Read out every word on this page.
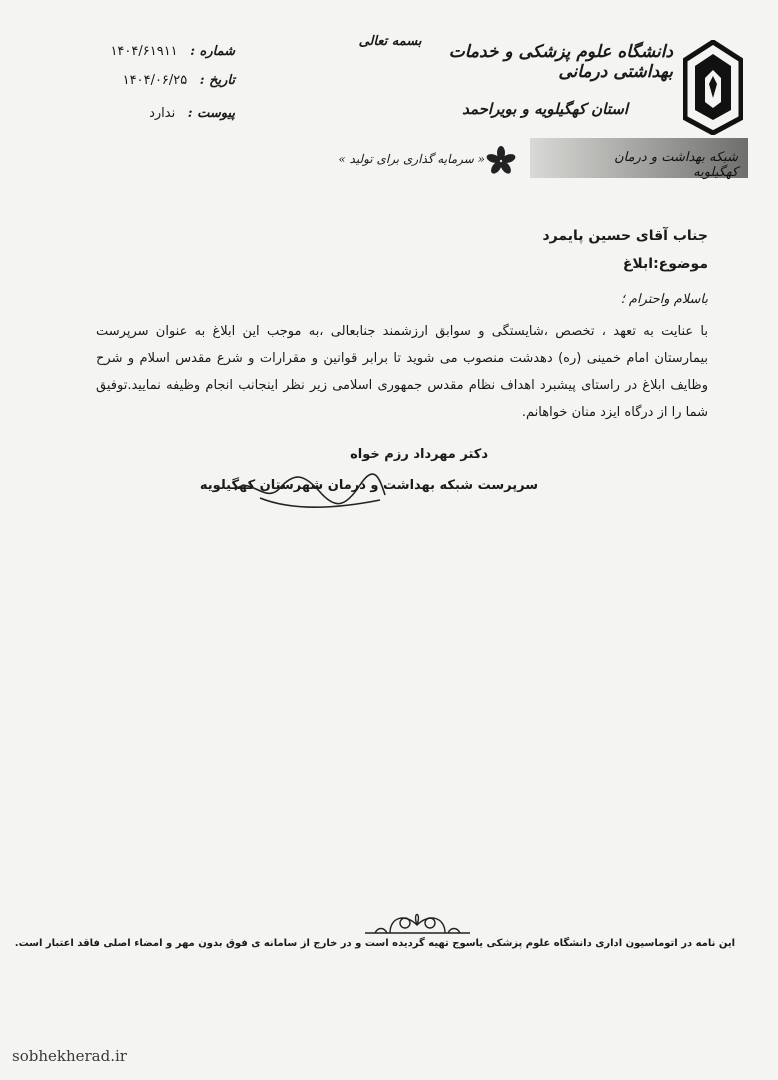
دانشگاه علوم پزشکی و خدمات بهداشتی درمانی
استان کهگیلویه و بویراحمد
شبکه بهداشت و درمان کهگیلویه
بسمه تعالی
« سرمایه گذاری برای تولید »
شماره : ۱۴۰۴/۶۱۹۱۱
تاریخ : ۱۴۰۴/۰۶/۲۵
پیوست : ندارد
جناب آقای حسین پایمرد
موضوع:ابلاغ
باسلام واحترام ؛
با عنایت به تعهد ، تخصص ،شایستگی و سوابق ارزشمند جنابعالی ،به موجب این ابلاغ به عنوان سرپرست بیمارستان امام خمینی (ره) دهدشت منصوب می شوید تا برابر قوانین و مقرارات و شرع مقدس اسلام و شرح وظایف ابلاغ در راستای پیشبرد اهداف نظام مقدس جمهوری اسلامی زیر نظر اینجانب انجام وظیفه نمایید.توفیق شما را از درگاه ایزد منان خواهانم.
دکتر مهرداد رزم خواه
سرپرست شبکه بهداشت و درمان شهرستان کهگیلویه
این نامه در اتوماسیون اداری دانشگاه علوم پزشکی یاسوج تهیه گردیده است و در خارج از سامانه ی فوق بدون مهر و امضاء اصلی فاقد اعتبار است.
sobhekherad.ir
